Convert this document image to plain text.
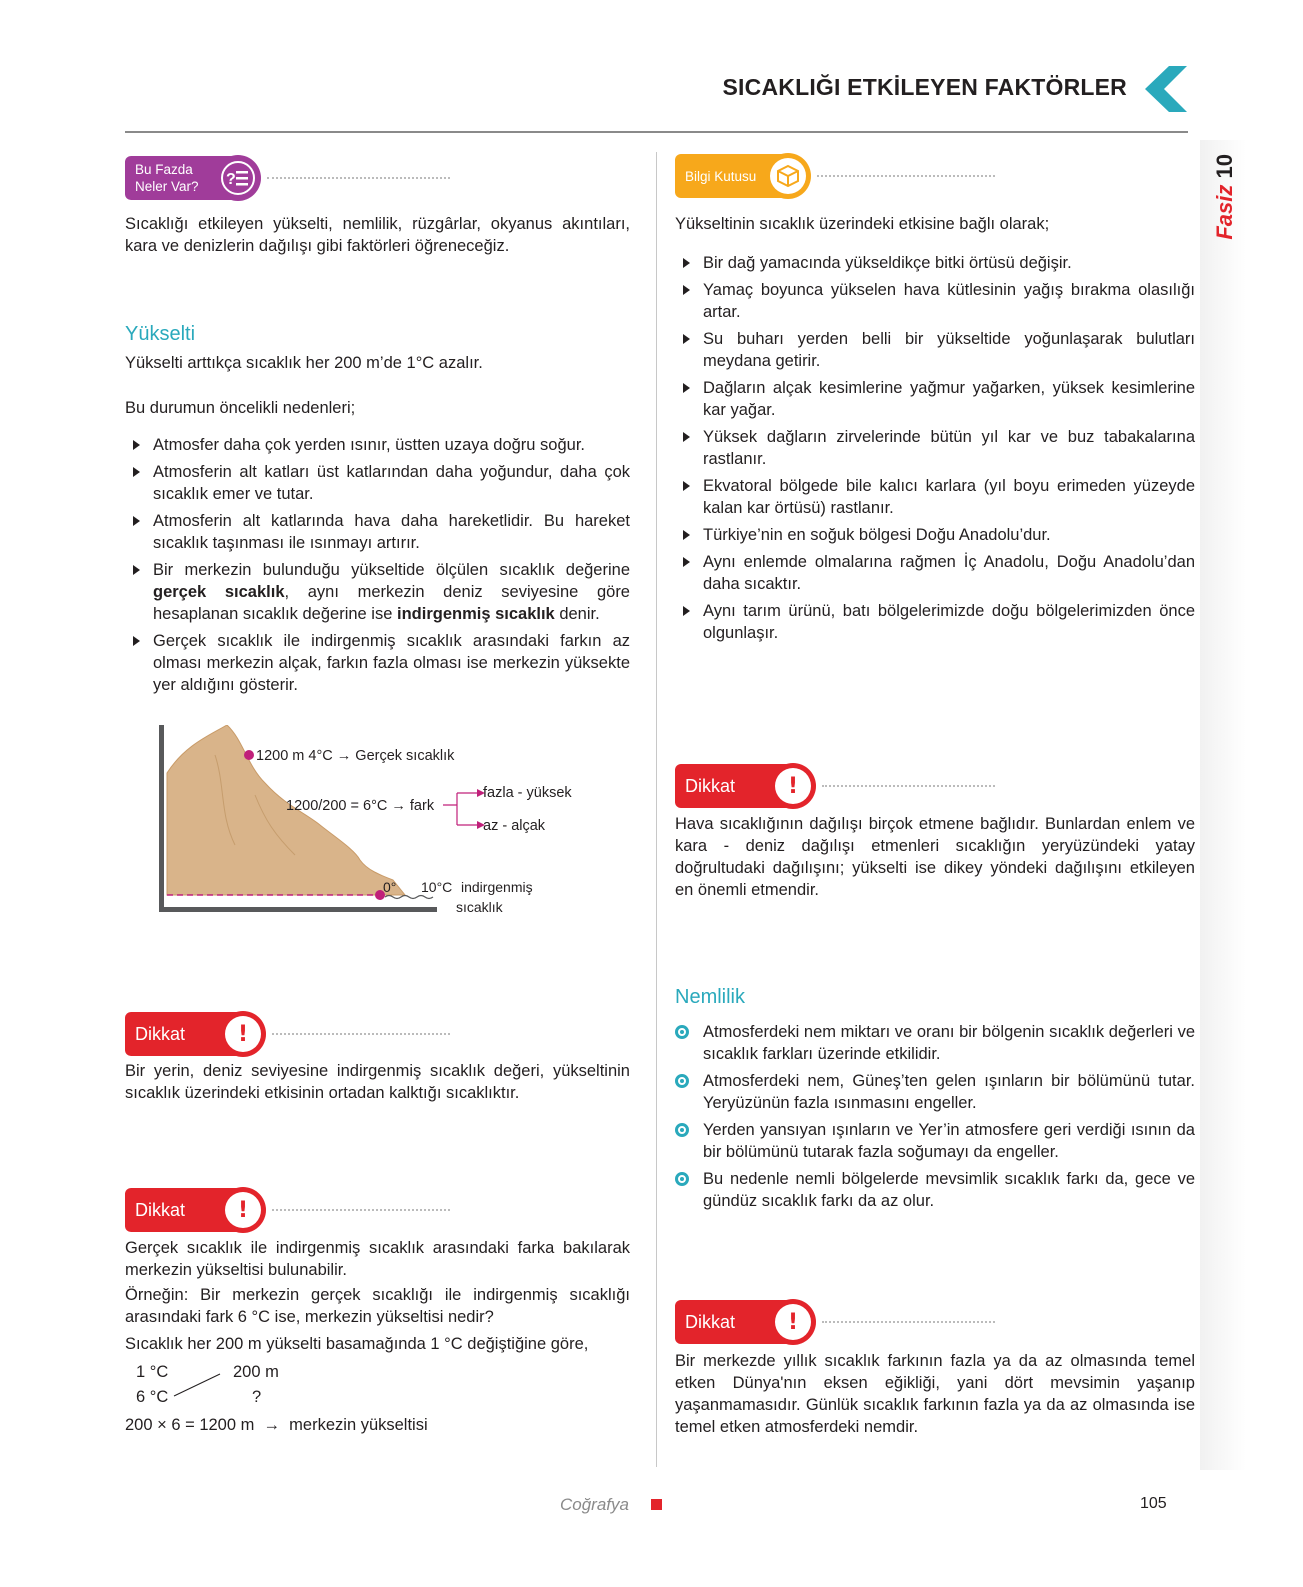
SICAKLIĞI ETKİLEYEN FAKTÖRLER
Fasiz 10
Bu Fazda
Neler Var? ?
Sıcaklığı etkileyen yükselti, nemlilik, rüzgârlar, okyanus akıntıları, kara ve denizlerin dağılışı gibi faktörleri öğreneceğiz.
Yükselti
Yükselti arttıkça sıcaklık her 200 m’de 1°C azalır.
Bu durumun öncelikli nedenleri;
Atmosfer daha çok yerden ısınır, üstten uzaya doğru soğur.
Atmosferin alt katları üst katlarından daha yoğundur, daha çok sıcaklık emer ve tutar.
Atmosferin alt katlarında hava daha hareketlidir. Bu hareket sıcaklık taşınması ile ısınmayı artırır.
Bir merkezin bulunduğu yükseltide ölçülen sıcaklık değerine gerçek sıcaklık, aynı merkezin deniz seviyesine göre hesaplanan sıcaklık değerine ise indirgenmiş sıcaklık denir.
Gerçek sıcaklık ile indirgenmiş sıcaklık arasındaki farkın az olması merkezin alçak, farkın fazla olması ise merkezin yüksekte yer aldığını gösterir.
1200 m 4°C → Gerçek sıcaklık
1200/200 = 6°C → fark
fazla - yüksek
az - alçak
0° 10°C indirgenmiş
sıcaklık
Dikkat !
Bir yerin, deniz seviyesine indirgenmiş sıcaklık değeri, yükseltinin sıcaklık üzerindeki etkisinin ortadan kalktığı sıcaklıktır.
Dikkat !
Gerçek sıcaklık ile indirgenmiş sıcaklık arasındaki farka bakılarak merkezin yükseltisi bulunabilir.
Örneğin: Bir merkezin gerçek sıcaklığı ile indirgenmiş sıcaklığı arasındaki fark 6 °C ise, merkezin yükseltisi nedir?
Sıcaklık her 200 m yükselti basamağında 1 °C değiştiğine göre,
1 °C	200 m
6 °C	?
200 × 6 = 1200 m  →  merkezin yükseltisi
Bilgi Kutusu
Yükseltinin sıcaklık üzerindeki etkisine bağlı olarak;
Bir dağ yamacında yükseldikçe bitki örtüsü değişir.
Yamaç boyunca yükselen hava kütlesinin yağış bırakma olasılığı artar.
Su buharı yerden belli bir yükseltide yoğunlaşarak bulutları meydana getirir.
Dağların alçak kesimlerine yağmur yağarken, yüksek kesimlerine kar yağar.
Yüksek dağların zirvelerinde bütün yıl kar ve buz tabakalarına rastlanır.
Ekvatoral bölgede bile kalıcı karlara (yıl boyu erimeden yüzeyde kalan kar örtüsü) rastlanır.
Türkiye’nin en soğuk bölgesi Doğu Anadolu’dur.
Aynı enlemde olmalarına rağmen İç Anadolu, Doğu Anadolu’dan daha sıcaktır.
Aynı tarım ürünü, batı bölgelerimizde doğu bölgelerimizden önce olgunlaşır.
Dikkat !
Hava sıcaklığının dağılışı birçok etmene bağlıdır. Bunlardan enlem ve kara - deniz dağılışı etmenleri sıcaklığın yeryüzündeki yatay doğrultudaki dağılışını; yükselti ise dikey yöndeki dağılışını etkileyen en önemli etmendir.
Nemlilik
Atmosferdeki nem miktarı ve oranı bir bölgenin sıcaklık değerleri ve sıcaklık farkları üzerinde etkilidir.
Atmosferdeki nem, Güneş’ten gelen ışınların bir bölümünü tutar. Yeryüzünün fazla ısınmasını engeller.
Yerden yansıyan ışınların ve Yer’in atmosfere geri verdiği ısının da bir bölümünü tutarak fazla soğumayı da engeller.
Bu nedenle nemli bölgelerde mevsimlik sıcaklık farkı da, gece ve gündüz sıcaklık farkı da az olur.
Dikkat !
Bir merkezde yıllık sıcaklık farkının fazla ya da az olmasında temel etken Dünya'nın eksen eğikliği, yani dört mevsimin yaşanıp yaşanmamasıdır. Günlük sıcaklık farkının fazla ya da az olmasında ise temel etken atmosferdeki nemdir.
Coğrafya	105
